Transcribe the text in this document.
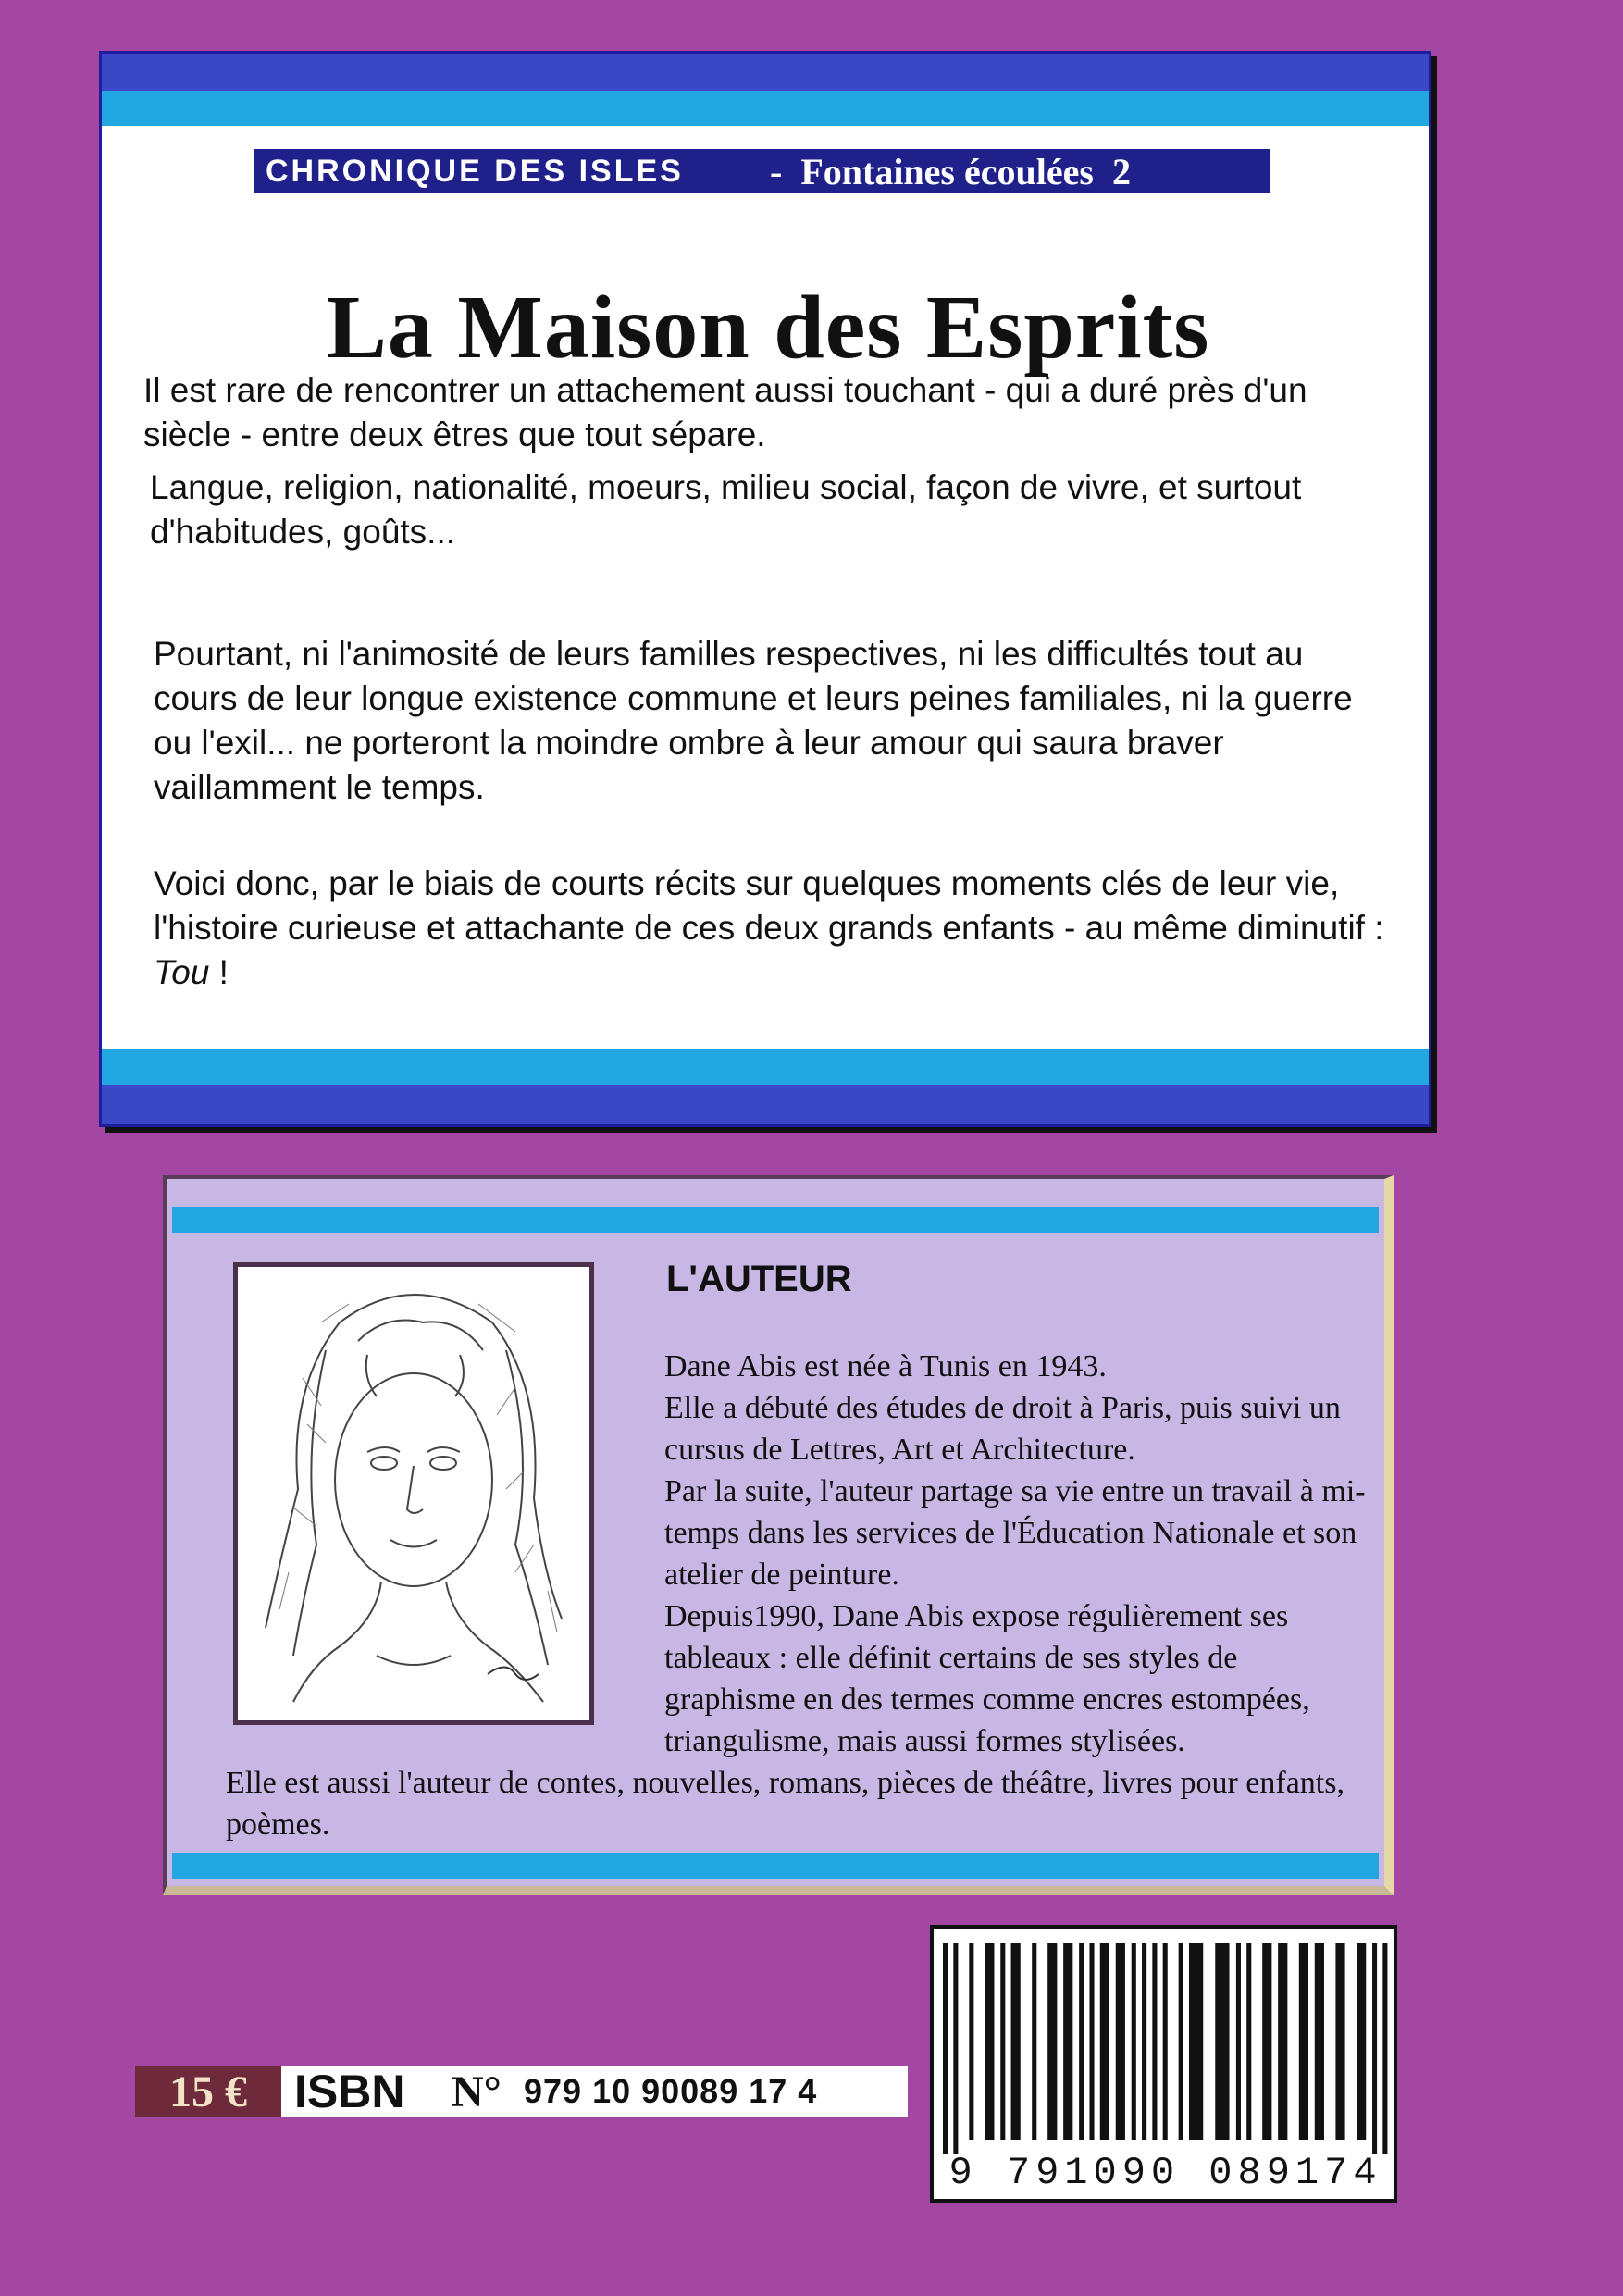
CHRONIQUE DES ISLES	-  Fontaines écoulées  2
La Maison des Esprits

Il est rare de rencontrer un attachement aussi touchant - qui a duré près d'un siècle - entre deux êtres que tout sépare.

Langue, religion, nationalité, moeurs, milieu social, façon de vivre, et surtout d'habitudes, goûts...

Pourtant, ni l'animosité de leurs familles respectives, ni les difficultés tout au cours de leur longue existence commune et leurs peines familiales, ni la guerre ou l'exil... ne porteront la moindre ombre à leur amour qui saura braver vaillamment le temps.

Voici donc, par le biais de courts récits sur quelques moments clés de leur vie, l'histoire curieuse et attachante de ces deux grands enfants - au même diminutif : Tou !

L'AUTEUR

Dane Abis est née à Tunis en 1943.

Elle a débuté des études de droit à Paris, puis suivi un cursus de Lettres, Art et Architecture.

Par la suite, l'auteur partage sa vie entre un travail à mi-temps dans les services de l'Éducation Nationale et son atelier de peinture.

Depuis1990, Dane Abis expose régulièrement ses tableaux : elle définit certains de ses styles de graphisme en des termes comme encres estompées, triangulisme, mais aussi formes stylisées.

Elle est aussi l'auteur de contes, nouvelles, romans, pièces de théâtre, livres pour enfants, poèmes.

15 €	ISBN	N° 979 10 90089 17 4
9 791090 089174
